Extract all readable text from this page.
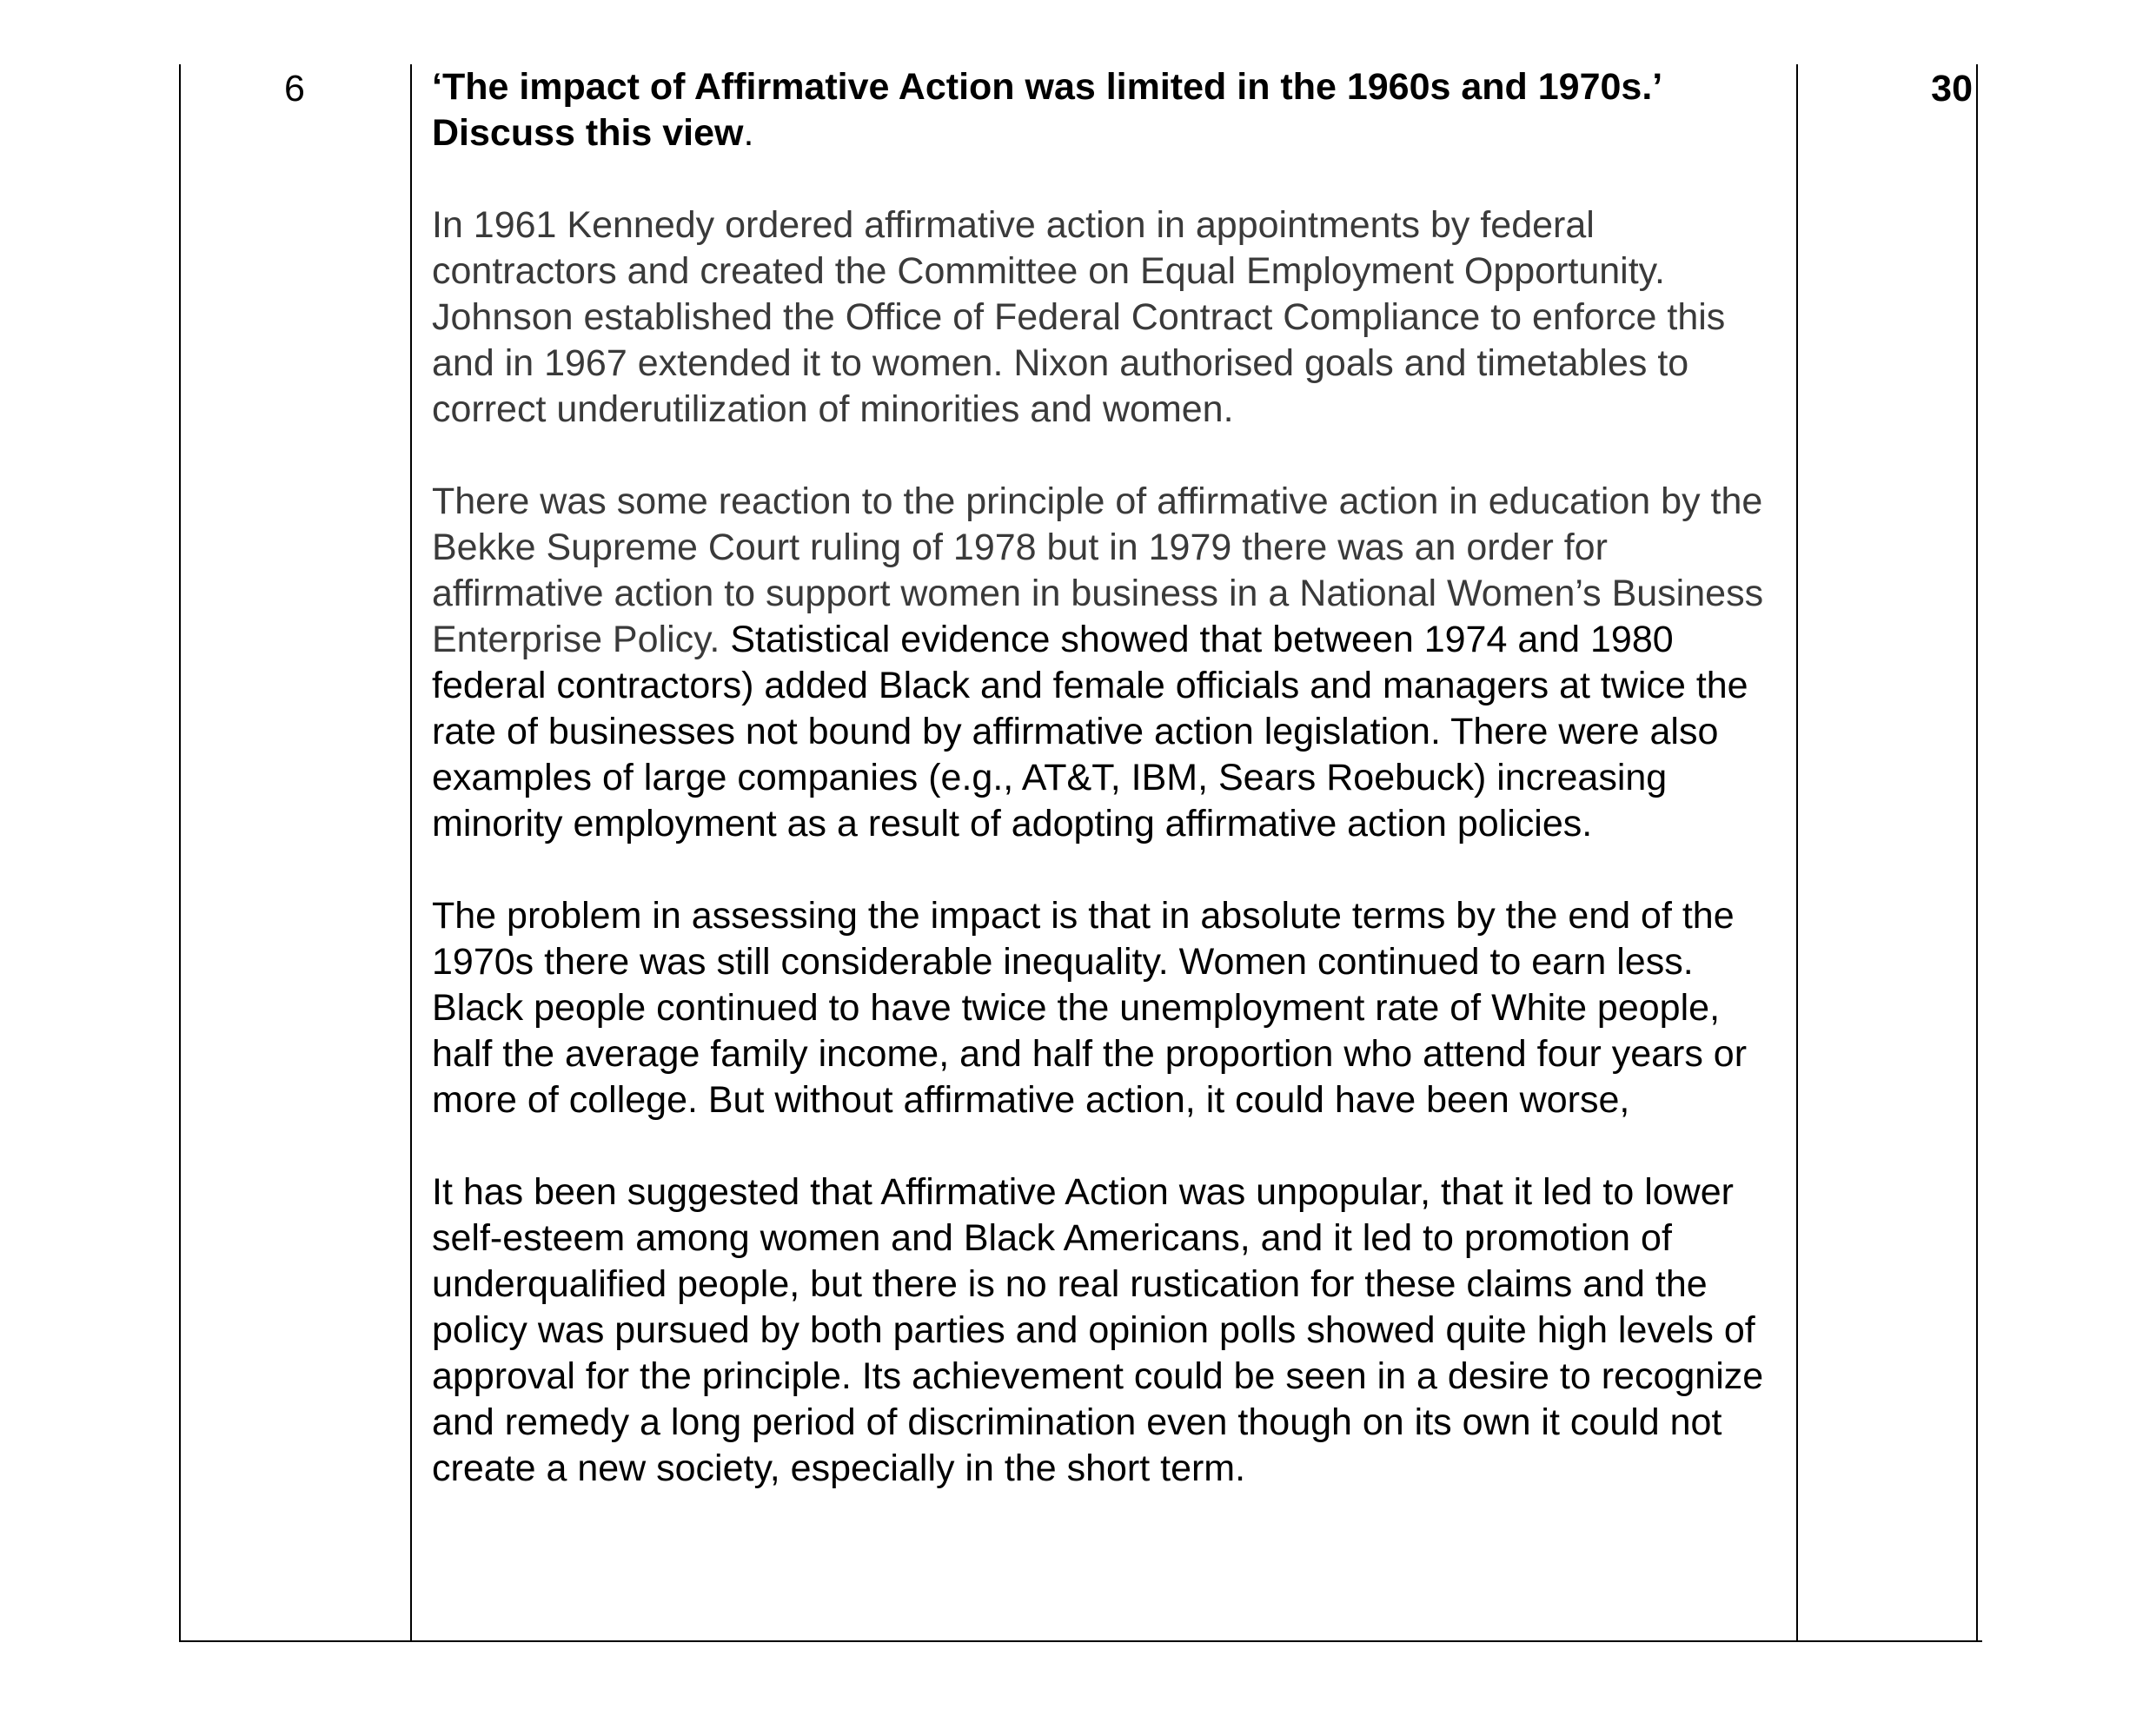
6	30
‘The impact of Affirmative Action was limited in the 1960s and 1970s.’
Discuss this view.
In 1961 Kennedy ordered affirmative action in appointments by federal contractors and created the Committee on Equal Employment Opportunity. Johnson established the Office of Federal Contract Compliance to enforce this and in 1967 extended it to women. Nixon authorised goals and timetables to correct underutilization of minorities and women.
There was some reaction to the principle of affirmative action in education by the Bekke Supreme Court ruling of 1978 but in 1979 there was an order for affirmative action to support women in business in a National Women’s Business Enterprise Policy. Statistical evidence showed that between 1974 and 1980 federal contractors) added Black and female officials and managers at twice the rate of businesses not bound by affirmative action legislation. There were also examples of large companies (e.g., AT&T, IBM, Sears Roebuck) increasing minority employment as a result of adopting affirmative action policies.
The problem in assessing the impact is that in absolute terms by the end of the 1970s there was still considerable inequality. Women continued to earn less. Black people continued to have twice the unemployment rate of White people, half the average family income, and half the proportion who attend four years or more of college. But without affirmative action, it could have been worse,
It has been suggested that Affirmative Action was unpopular, that it led to lower self-esteem among women and Black Americans, and it led to promotion of underqualified people, but there is no real rustication for these claims and the policy was pursued by both parties and opinion polls showed quite high levels of approval for the principle. Its achievement could be seen in a desire to recognize and remedy a long period of discrimination even though on its own it could not create a new society, especially in the short term.
